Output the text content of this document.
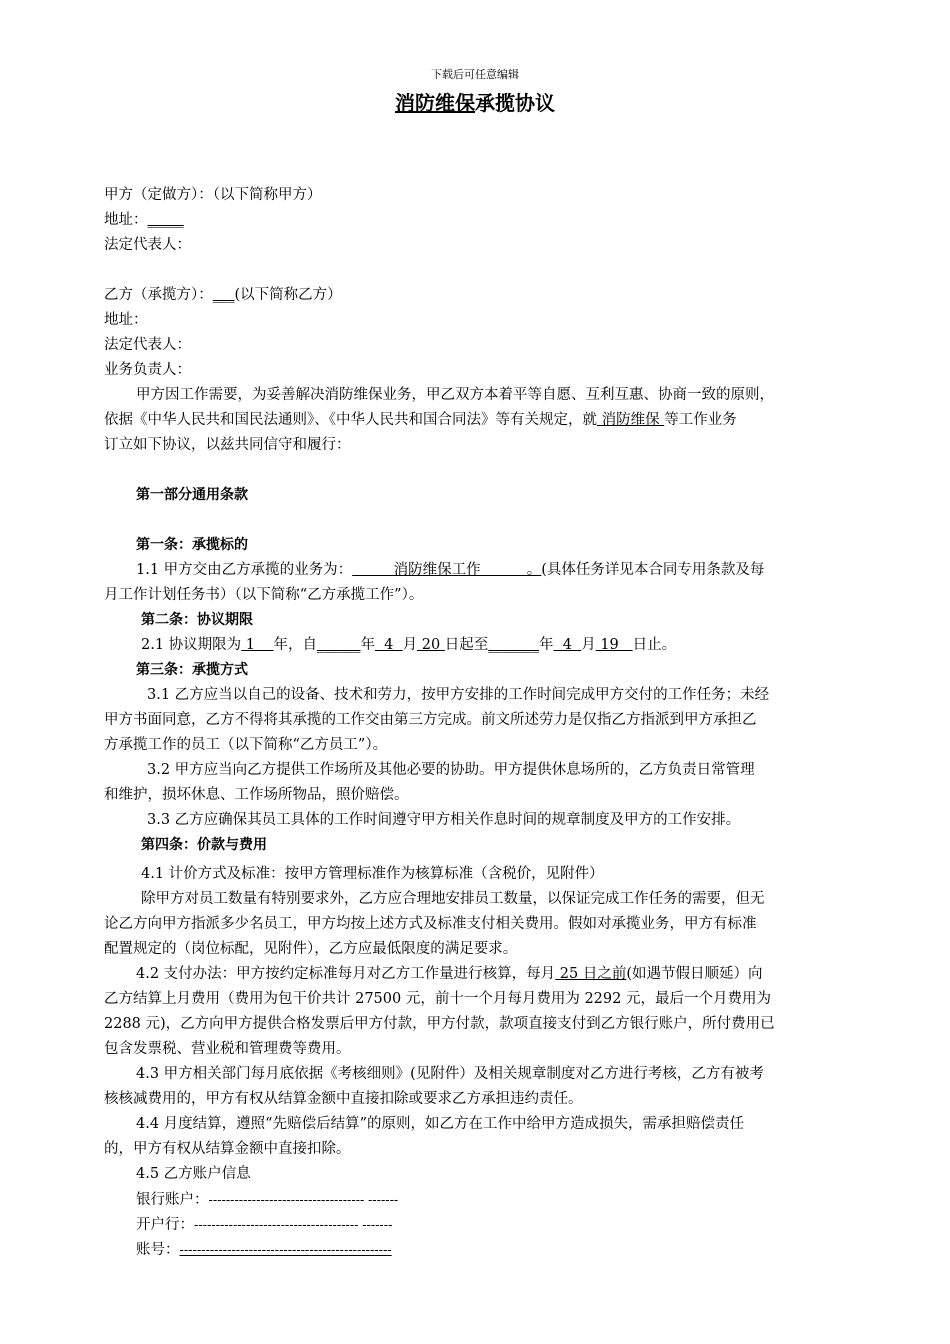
下载后可任意编辑
消防维保承揽协议
甲方（定做方）：（以下简称甲方）
地址：_____
法定代表人：
乙方（承揽方）：___(以下简称乙方）
地址：
法定代表人：
业务负责人：
甲方因工作需要，为妥善解决消防维保业务，甲乙双方本着平等自愿、互利互惠、协商一致的原则，
依据《中华人民共和国民法通则》、《中华人民共和国合同法》等有关规定，就 消防维保 等工作业务
订立如下协议，以兹共同信守和履行：
第一部分通用条款
第一条：承揽标的
1.1 甲方交由乙方承揽的业务为：         消防维保工作          。(具体任务详见本合同专用条款及每
月工作计划任务书）（以下简称“乙方承揽工作”）。
第二条：协议期限
2.1 协议期限为 1    年，自______年  4  月 20 日起至_______年  4  月 19   日止。
第三条：承揽方式
3.1 乙方应当以自己的设备、技术和劳力，按甲方安排的工作时间完成甲方交付的工作任务；未经
甲方书面同意，乙方不得将其承揽的工作交由第三方完成。前文所述劳力是仅指乙方指派到甲方承担乙
方承揽工作的员工（以下简称“乙方员工”）。
3.2 甲方应当向乙方提供工作场所及其他必要的协助。甲方提供休息场所的，乙方负责日常管理
和维护，损坏休息、工作场所物品，照价赔偿。
3.3 乙方应确保其员工具体的工作时间遵守甲方相关作息时间的规章制度及甲方的工作安排。
第四条：价款与费用
4.1 计价方式及标准：按甲方管理标准作为核算标准（含税价，见附件）
除甲方对员工数量有特别要求外，乙方应合理地安排员工数量，以保证完成工作任务的需要，但无
论乙方向甲方指派多少名员工，甲方均按上述方式及标准支付相关费用。假如对承揽业务，甲方有标准
配置规定的（岗位标配，见附件），乙方应最低限度的满足要求。
4.2 支付办法：甲方按约定标准每月对乙方工作量进行核算，每月 25 日之前(如遇节假日顺延）向
乙方结算上月费用（费用为包干价共计 27500 元，前十一个月每月费用为 2292 元，最后一个月费用为
2288 元)，乙方向甲方提供合格发票后甲方付款，甲方付款，款项直接支付到乙方银行账户，所付费用已
包含发票税、营业税和管理费等费用。
4.3 甲方相关部门每月底依据《考核细则》(见附件）及相关规章制度对乙方进行考核，乙方有被考
核核减费用的，甲方有权从结算金额中直接扣除或要求乙方承担违约责任。
4.4 月度结算，遵照“先赔偿后结算”的原则，如乙方在工作中给甲方造成损失，需承担赔偿责任
的，甲方有权从结算金额中直接扣除。
4.5 乙方账户信息
银行账户：------------------------------------ -------
开户行：-------------------------------------- -------
账号：-------------------------------------------------
